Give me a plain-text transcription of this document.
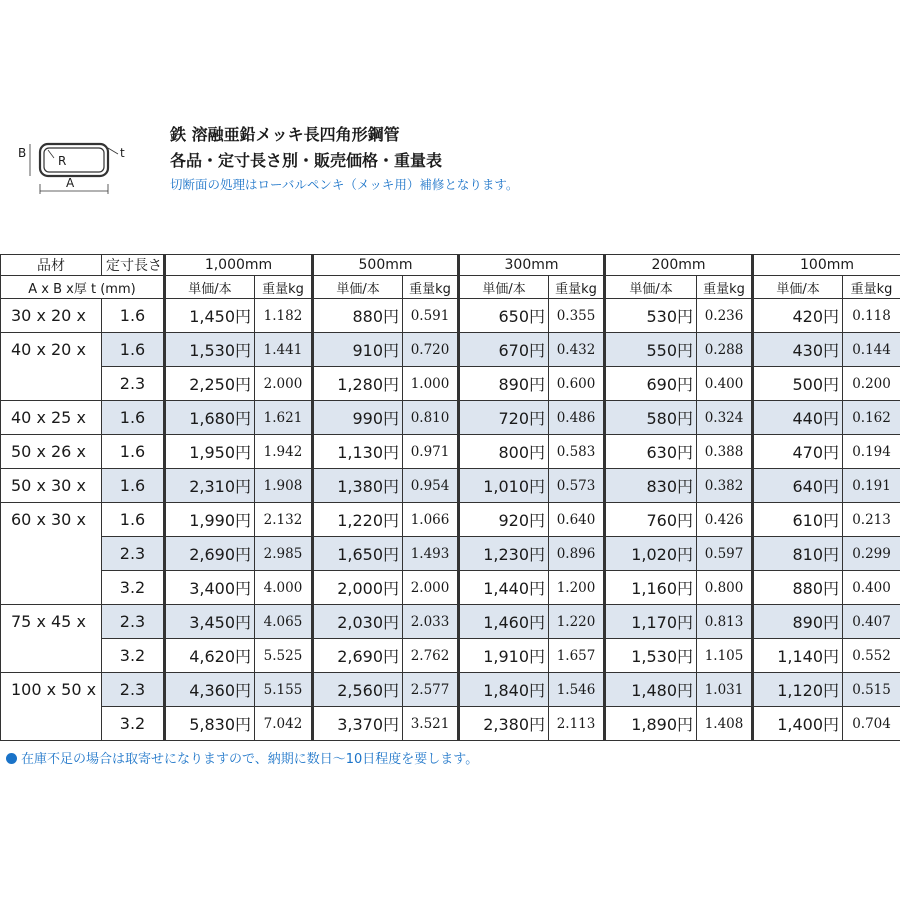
B
R
t
A
鉄 溶融亜鉛メッキ長四角形鋼管
各品・定寸長さ別・販売価格・重量表
切断面の処理はローバルペンキ（メッキ用）補修となります。
品材	定寸長さ	1,000mm		500mm		300mm		200mm		100mm	
A x B x厚 t (mm)		単価/本	重量kg	単価/本	重量kg	単価/本	重量kg	単価/本	重量kg	単価/本	重量kg
30 x 20 x	1.6	1,450円	1.182	880円	0.591	650円	0.355	530円	0.236	420円	0.118
40 x 20 x	1.6	1,530円	1.441	910円	0.720	670円	0.432	550円	0.288	430円	0.144
	2.3	2,250円	2.000	1,280円	1.000	890円	0.600	690円	0.400	500円	0.200
40 x 25 x	1.6	1,680円	1.621	990円	0.810	720円	0.486	580円	0.324	440円	0.162
50 x 26 x	1.6	1,950円	1.942	1,130円	0.971	800円	0.583	630円	0.388	470円	0.194
50 x 30 x	1.6	2,310円	1.908	1,380円	0.954	1,010円	0.573	830円	0.382	640円	0.191
60 x 30 x	1.6	1,990円	2.132	1,220円	1.066	920円	0.640	760円	0.426	610円	0.213
	2.3	2,690円	2.985	1,650円	1.493	1,230円	0.896	1,020円	0.597	810円	0.299
	3.2	3,400円	4.000	2,000円	2.000	1,440円	1.200	1,160円	0.800	880円	0.400
75 x 45 x	2.3	3,450円	4.065	2,030円	2.033	1,460円	1.220	1,170円	0.813	890円	0.407
	3.2	4,620円	5.525	2,690円	2.762	1,910円	1.657	1,530円	1.105	1,140円	0.552
100 x 50 x	2.3	4,360円	5.155	2,560円	2.577	1,840円	1.546	1,480円	1.031	1,120円	0.515
	3.2	5,830円	7.042	3,370円	3.521	2,380円	2.113	1,890円	1.408	1,400円	0.704
在庫不足の場合は取寄せになりますので、納期に数日～10日程度を要します。
